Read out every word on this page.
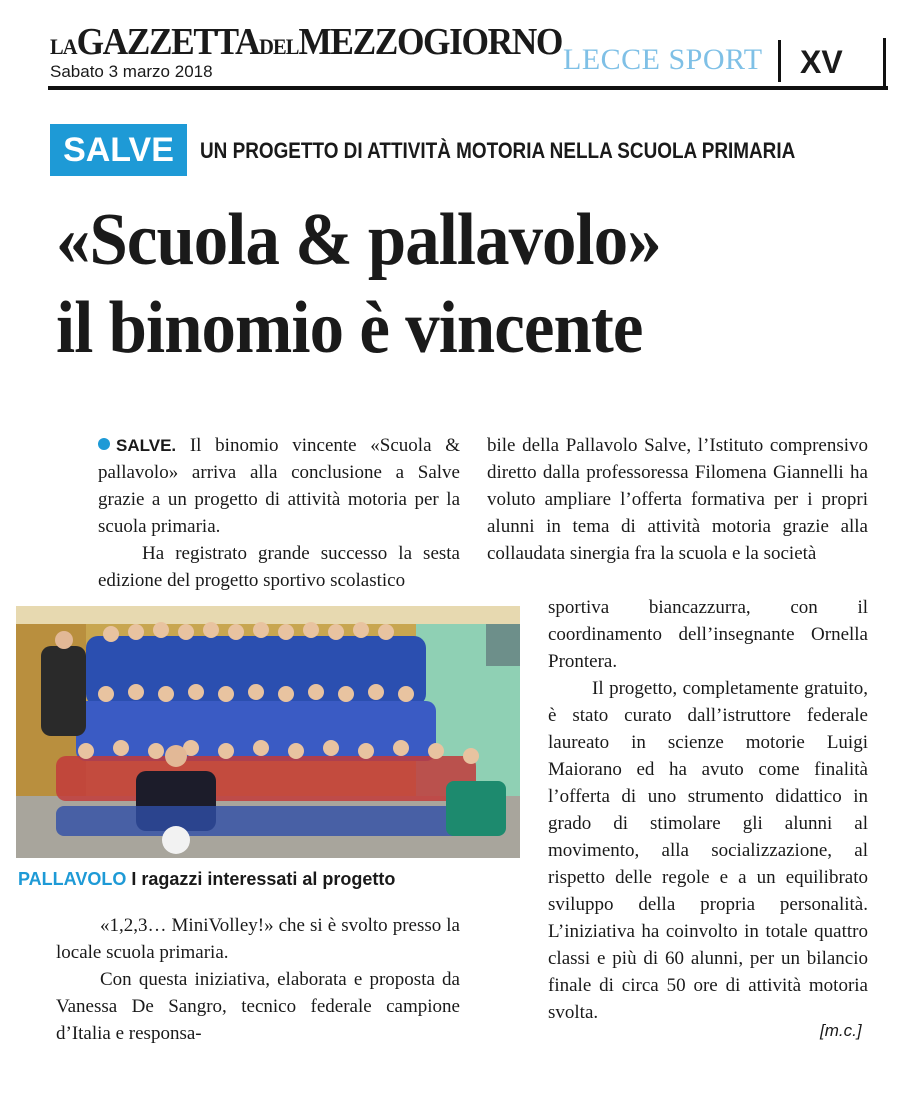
LAGAZZETTADELMEZZOGIORNO
Sabato 3 marzo 2018	LECCE SPORT XV
SALVE	UN PROGETTO DI ATTIVITÀ MOTORIA NELLA SCUOLA PRIMARIA
«Scuola & pallavolo»
il binomio è vincente

SALVE. Il binomio vincente «Scuola & pallavolo» arriva alla conclusione a Salve grazie a un progetto di attività motoria per la scuola primaria.

Ha registrato grande successo la sesta edizione del progetto sportivo scolastico

PALLAVOLO I ragazzi interessati al progetto

«1,2,3… MiniVolley!» che si è svolto presso la locale scuola primaria.

Con questa iniziativa, elaborata e proposta da Vanessa De Sangro, tecnico federale campione d’Italia e responsa-

bile della Pallavolo Salve, l’Istituto comprensivo diretto dalla professoressa Filomena Giannelli ha voluto ampliare l’offerta formativa per i propri alunni in tema di attività motoria grazie alla collaudata sinergia fra la scuola e la società

sportiva biancazzurra, con il coordinamento dell’insegnante Ornella Prontera.

Il progetto, completamente gratuito, è stato curato dall’istruttore federale laureato in scienze motorie Luigi Maiorano ed ha avuto come finalità l’offerta di uno strumento didattico in grado di stimolare gli alunni al movimento, alla socializzazione, al rispetto delle regole e a un equilibrato sviluppo della propria personalità. L’iniziativa ha coinvolto in totale quattro classi e più di 60 alunni, per un bilancio finale di circa 50 ore di attività motoria svolta.

[m.c.]
